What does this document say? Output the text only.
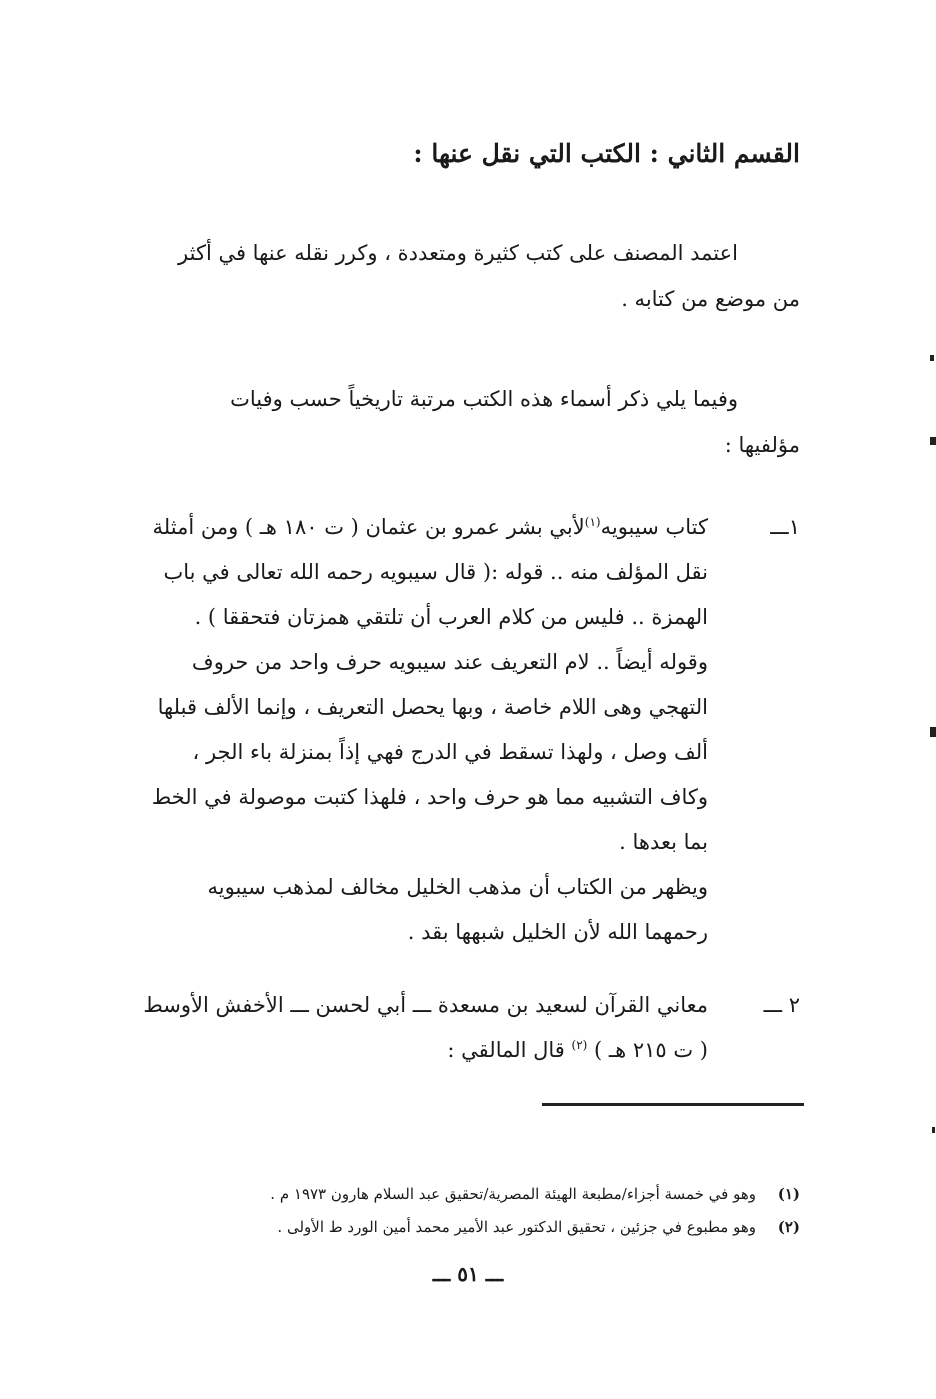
القسم الثاني : الكتب التي نقل عنها :

اعتمد المصنف على كتب كثيرة ومتعددة ، وكرر نقله عنها في أكثر

من موضع من كتابه .

وفيما يلي ذكر أسماء هذه الكتب مرتبة تاريخياً حسب وفيات

مؤلفيها :

١ـــ

كتاب سيبويه$^{(١)}$لأبي بشر عمرو بن عثمان ( ت ١٨٠ هـ ) ومن أمثلة

نقل المؤلف منه .. قوله :( قال سيبويه رحمه الله تعالى في باب

الهمزة .. فليس من كلام العرب أن تلتقي همزتان فتحققا ) .

وقوله أيضاً .. لام التعريف عند سيبويه حرف واحد من حروف

التهجي وهى اللام خاصة ، وبها يحصل التعريف ، وإنما الألف قبلها

ألف وصل ، ولهذا تسقط في الدرج فهي إذاً بمنزلة باء الجر ،

وكاف التشبيه مما هو حرف واحد ، فلهذا كتبت موصولة في الخط

بما بعدها .

ويظهر من الكتاب أن مذهب الخليل مخالف لمذهب سيبويه

رحمهما الله لأن الخليل شبهها بقد .

٢ ـــ

معاني القرآن لسعيد بن مسعدة ـــ أبي لحسن ـــ الأخفش الأوسط

( ت ٢١٥ هـ ) $^{(٢)}$ قال المالقي :

(١)وهو في خمسة أجزاء/مطبعة الهيئة المصرية/تحقيق عبد السلام هارون ١٩٧٣ م .
(٢)وهو مطبوع في جزئين ، تحقيق الدكتور عبد الأمير محمد أمين الورد ط الأولى .
ـــ ٥١ ـــ
